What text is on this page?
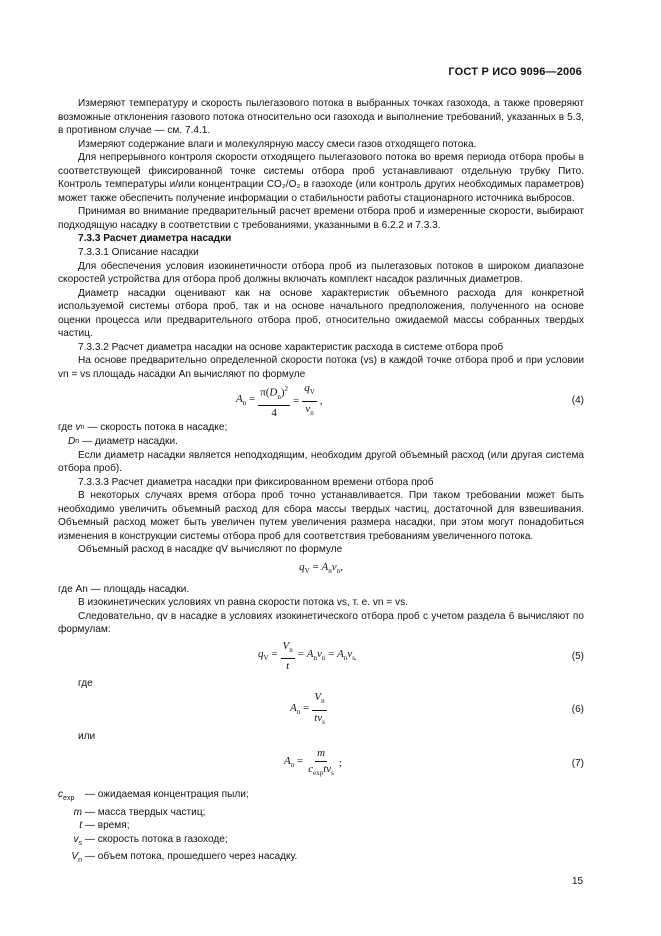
ГОСТ Р ИСО 9096—2006

Измеряют температуру и скорость пылегазового потока в выбранных точках газохода, а также проверяют возможные отклонения газового потока относительно оси газохода и выполнение требований, указанных в 5.3, в противном случае — см. 7.4.1.

Измеряют содержание влаги и молекулярную массу смеси газов отходящего потока.

Для непрерывного контроля скорости отходящего пылегазового потока во время периода отбора пробы в соответствующей фиксированной точке системы отбора проб устанавливают отдельную трубку Пито. Контроль температуры и/или концентрации CO₂/O₂ в газоходе (или контроль других необходимых параметров) может также обеспечить получение информации о стабильности работы стационарного источника выбросов.

Принимая во внимание предварительный расчет времени отбора проб и измеренные скорости, выбирают подходящую насадку в соответствии с требованиями, указанными в 6.2.2 и 7.3.3.

7.3.3 Расчет диаметра насадки
7.3.3.1 Описание насадки

Для обеспечения условия изокинетичности отбора проб из пылегазовых потоков в широком диапазоне скоростей устройства для отбора проб должны включать комплект насадок различных диаметров.

Диаметр насадки оценивают как на основе характеристик объемного расхода для конкретной используемой системы отбора проб, так и на основе начального предположения, полученного на основе оценки процесса или предварительного отбора проб, относительно ожидаемой массы собранных твердых частиц.

7.3.3.2 Расчет диаметра насадки на основе характеристик расхода в системе отбора проб

На основе предварительно определенной скорости потока (vs) в каждой точке отбора проб и при условии vn = vs площадь насадки An вычисляют по формуле

$A_n = \frac{\pi(D_n)^2}{4} = \frac{q_V}{v_n}$ ,	(4)
где
v n
— скорость потока в насадке;
D n
— диаметр насадки.

Если диаметр насадки является неподходящим, необходим другой объемный расход (или другая система отбора проб).

7.3.3.3 Расчет диаметра насадки при фиксированном времени отбора проб

В некоторых случаях время отбора проб точно устанавливается. При таком требовании может быть необходимо увеличить объемный расход для сбора массы твердых частиц, достаточной для взвешивания. Объемный расход может быть увеличен путем увеличения размера насадки, при этом могут понадобиться изменения в конструкции системы отбора проб для соответствия требованиям увеличенного потока.

Объемный расход в насадке qV вычисляют по формуле

$q_V = A_nv_n$,

где An — площадь насадки.

В изокинетических условиях vn равна скорости потока vs, т. е. vn = vs.

Следовательно, qv в насадке в условиях изокинетического отбора проб с учетом раздела 6 вычисляют по формулам:

$q_V = \frac{V_n}{t} = A_nv_n = A_nv_{s,}$	(5)

где

$A_n = \frac{V_n}{tv_s}$	(6)

или

$A_n = \frac{m}{c_{exp}tv_s}$ ;	(7)
$c_{exp}$
	— ожидаемая концентрация пыли;
m
— масса твердых частиц;
t
— время;
$v_s$
— скорость потока в газоходе;
$V_n$
— объем потока, прошедшего через насадку.
15
